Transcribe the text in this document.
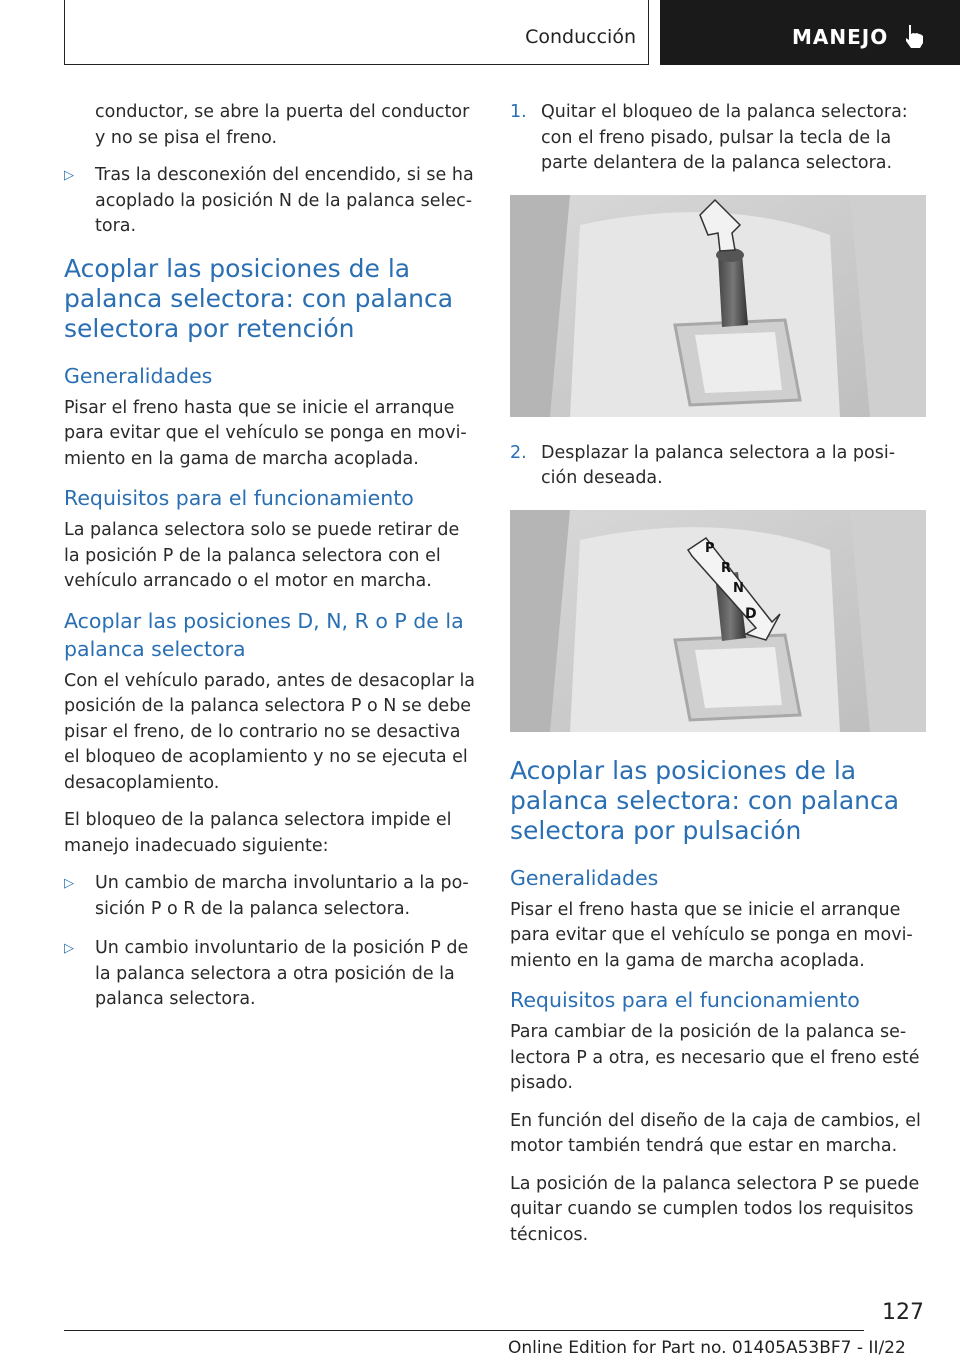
Conducción	MANEJO

conductor, se abre la puerta del conductor y no se pisa el freno.

▷ Tras la desconexión del encendido, si se ha acoplado la posición N de la palanca selec‐tora.
Acoplar las posiciones de la palanca selectora: con palanca selectora por retención
Generalidades

Pisar el freno hasta que se inicie el arranque para evitar que el vehículo se ponga en movi‐miento en la gama de marcha acoplada.

Requisitos para el funcionamiento

La palanca selectora solo se puede retirar de la posición P de la palanca selectora con el vehículo arrancado o el motor en marcha.

Acoplar las posiciones D, N, R o P de la palanca selectora

Con el vehículo parado, antes de desacoplar la posición de la palanca selectora P o N se debe pisar el freno, de lo contrario no se desactiva el bloqueo de acoplamiento y no se ejecuta el desacoplamiento.

El bloqueo de la palanca selectora impide el manejo inadecuado siguiente:

▷ Un cambio de marcha involuntario a la po‐sición P o R de la palanca selectora.
▷ Un cambio involuntario de la posición P de la palanca selectora a otra posición de la palanca selectora.
1. Quitar el bloqueo de la palanca selectora: con el freno pisado, pulsar la tecla de la parte delantera de la palanca selectora.
2. Desplazar la palanca selectora a la posi‐ción deseada.
P
R
N
D
Acoplar las posiciones de la palanca selectora: con palanca selectora por pulsación
Generalidades

Pisar el freno hasta que se inicie el arranque para evitar que el vehículo se ponga en movi‐miento en la gama de marcha acoplada.

Requisitos para el funcionamiento

Para cambiar de la posición de la palanca se‐lectora P a otra, es necesario que el freno esté pisado.

En función del diseño de la caja de cambios, el motor también tendrá que estar en marcha.

La posición de la palanca selectora P se puede quitar cuando se cumplen todos los requisitos técnicos.

127
Online Edition for Part no. 01405A53BF7 - II/22
